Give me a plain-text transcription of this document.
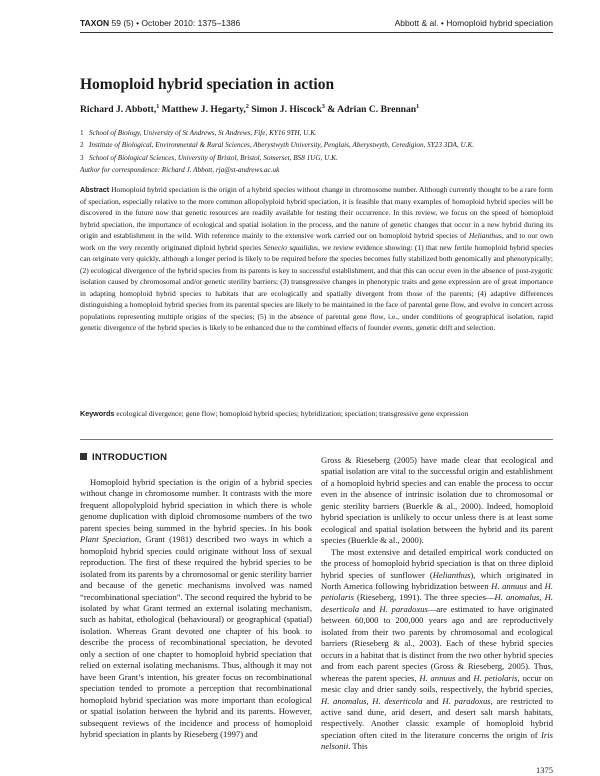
TAXON 59 (5) • October 2010: 1375–1386	Abbott & al. • Homoploid hybrid speciation
Homoploid hybrid speciation in action
Richard J. Abbott,$^1$ Matthew J. Hegarty,$^2$ Simon J. Hiscock$^3$ & Adrian C. Brennan$^1$
1 School of Biology, University of St Andrews, St Andrews, Fife, KY16 9TH, U.K.
2 Institute of Biological, Environmental & Rural Sciences, Aberystwyth University, Penglais, Aberystwyth, Ceredigion, SY23 3DA, U.K.
3 School of Biological Sciences, University of Bristol, Bristol, Somerset, BS8 1UG, U.K.
Author for correspondence: Richard J. Abbott, rja@st-andrews.ac.uk
Abstract Homoploid hybrid speciation is the origin of a hybrid species without change in chromosome number. Although currently thought to be a rare form of speciation, especially relative to the more common allopolyploid hybrid speciation, it is feasible that many examples of homoploid hybrid species will be discovered in the future now that genetic resources are readily available for testing their occurrence. In this review, we focus on the speed of homoploid hybrid speciation, the importance of ecological and spatial isolation in the process, and the nature of genetic changes that occur in a new hybrid during its origin and establishment in the wild. With reference mainly to the extensive work carried out on homoploid hybrid species of Helianthus, and to our own work on the very recently originated diploid hybrid species Senecio squalidus, we review evidence showing: (1) that new fertile homoploid hybrid species can originate very quickly, although a longer period is likely to be required before the species becomes fully stabilized both genomically and phenotypically; (2) ecological divergence of the hybrid species from its parents is key to successful establishment, and that this can occur even in the absence of post-zygotic isolation caused by chromosomal and/or genetic sterility barriers; (3) transgressive changes in phenotypic traits and gene expression are of great importance in adapting homoploid hybrid species to habitats that are ecologically and spatially divergent from those of the parents; (4) adaptive differences distinguishing a homoploid hybrid species from its parental species are likely to be maintained in the face of parental gene flow, and evolve in concert across populations representing multiple origins of the species; (5) in the absence of parental gene flow, i.e., under conditions of geographical isolation, rapid genetic divergence of the hybrid species is likely to be enhanced due to the combined effects of founder events, genetic drift and selection.
Keywords ecological divergence; gene flow; homoploid hybrid species; hybridization; speciation; transgressive gene expression
INTRODUCTION

Homoploid hybrid speciation is the origin of a hybrid species without change in chromosome number. It contrasts with the more frequent allopolyploid hybrid speciation in which there is whole genome duplication with diploid chromosome numbers of the two parent species being summed in the hybrid species. In his book Plant Speciation, Grant (1981) described two ways in which a homoploid hybrid species could originate without loss of sexual reproduction. The first of these required the hybrid species to be isolated from its parents by a chromosomal or genic sterility barrier and because of the genetic mechanisms involved was named “recombinational speciation”. The second required the hybrid to be isolated by what Grant termed an external isolating mechanism, such as habitat, ethological (behavioural) or geographical (spatial) isolation. Whereas Grant devoted one chapter of his book to describe the process of recombinational speciation, he devoted only a section of one chapter to homoploid hybrid speciation that relied on external isolating mechanisms. Thus, although it may not have been Grant’s intention, his greater focus on recombinational speciation tended to promote a perception that recombinational homoploid hybrid speciation was more important than ecological or spatial isolation between the hybrid and its parents. However, subsequent reviews of the incidence and process of homoploid hybrid speciation in plants by Rieseberg (1997) and

Gross & Rieseberg (2005) have made clear that ecological and spatial isolation are vital to the successful origin and establishment of a homoploid hybrid species and can enable the process to occur even in the absence of intrinsic isolation due to chromosomal or genic sterility barriers (Buerkle & al., 2000). Indeed, homoploid hybrid speciation is unlikely to occur unless there is at least some ecological and spatial isolation between the hybrid and its parent species (Buerkle & al., 2000).

The most extensive and detailed empirical work conducted on the process of homoploid hybrid speciation is that on three diploid hybrid species of sunflower (Helianthus), which originated in North America following hybridization between H. annuus and H. petiolaris (Rieseberg, 1991). The three species—H. anomalus, H. deserticola and H. paradoxus—are estimated to have originated between 60,000 to 200,000 years ago and are reproductively isolated from their two parents by chromosomal and ecological barriers (Rieseberg & al., 2003). Each of these hybrid species occurs in a habitat that is distinct from the two other hybrid species and from each parent species (Gross & Rieseberg, 2005). Thus, whereas the parent species, H. annuus and H. petiolaris, occur on mesic clay and drier sandy soils, respectively, the hybrid species, H. anomalus, H. deserticola and H. paradoxus, are restricted to active sand dune, arid desert, and desert salt marsh habitats, respectively. Another classic example of homoploid hybrid speciation often cited in the literature concerns the origin of Iris nelsonii. This

1375
